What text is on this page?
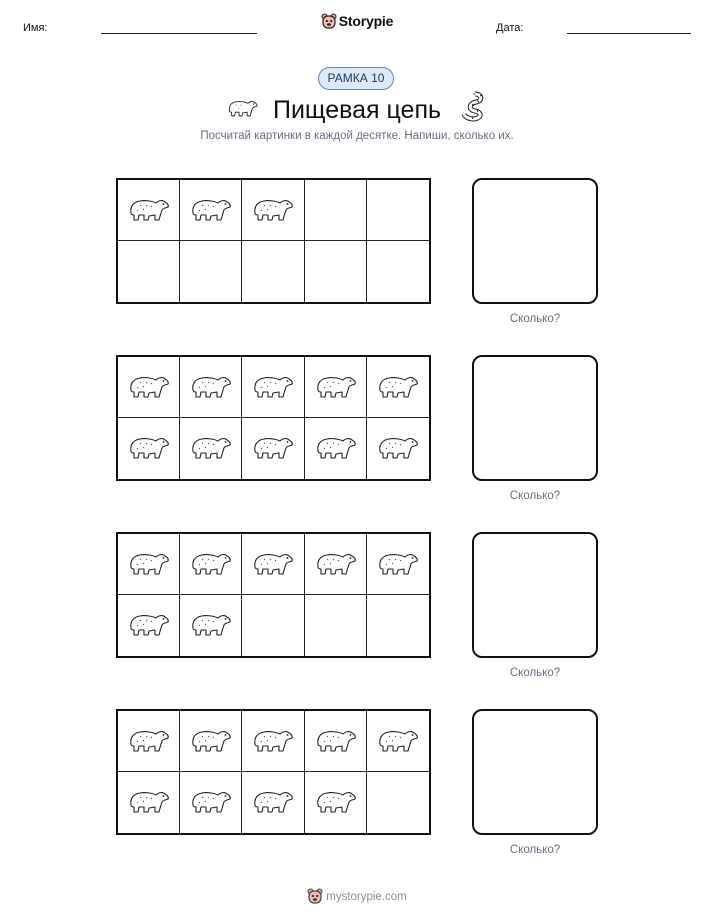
Имя:	Storypie	Дата:
РАМКА 10
Пищевая цепь
Посчитай картинки в каждой десятке. Напиши, сколько их.
Сколько?
Сколько?
Сколько?
Сколько?
mystorypie.com
